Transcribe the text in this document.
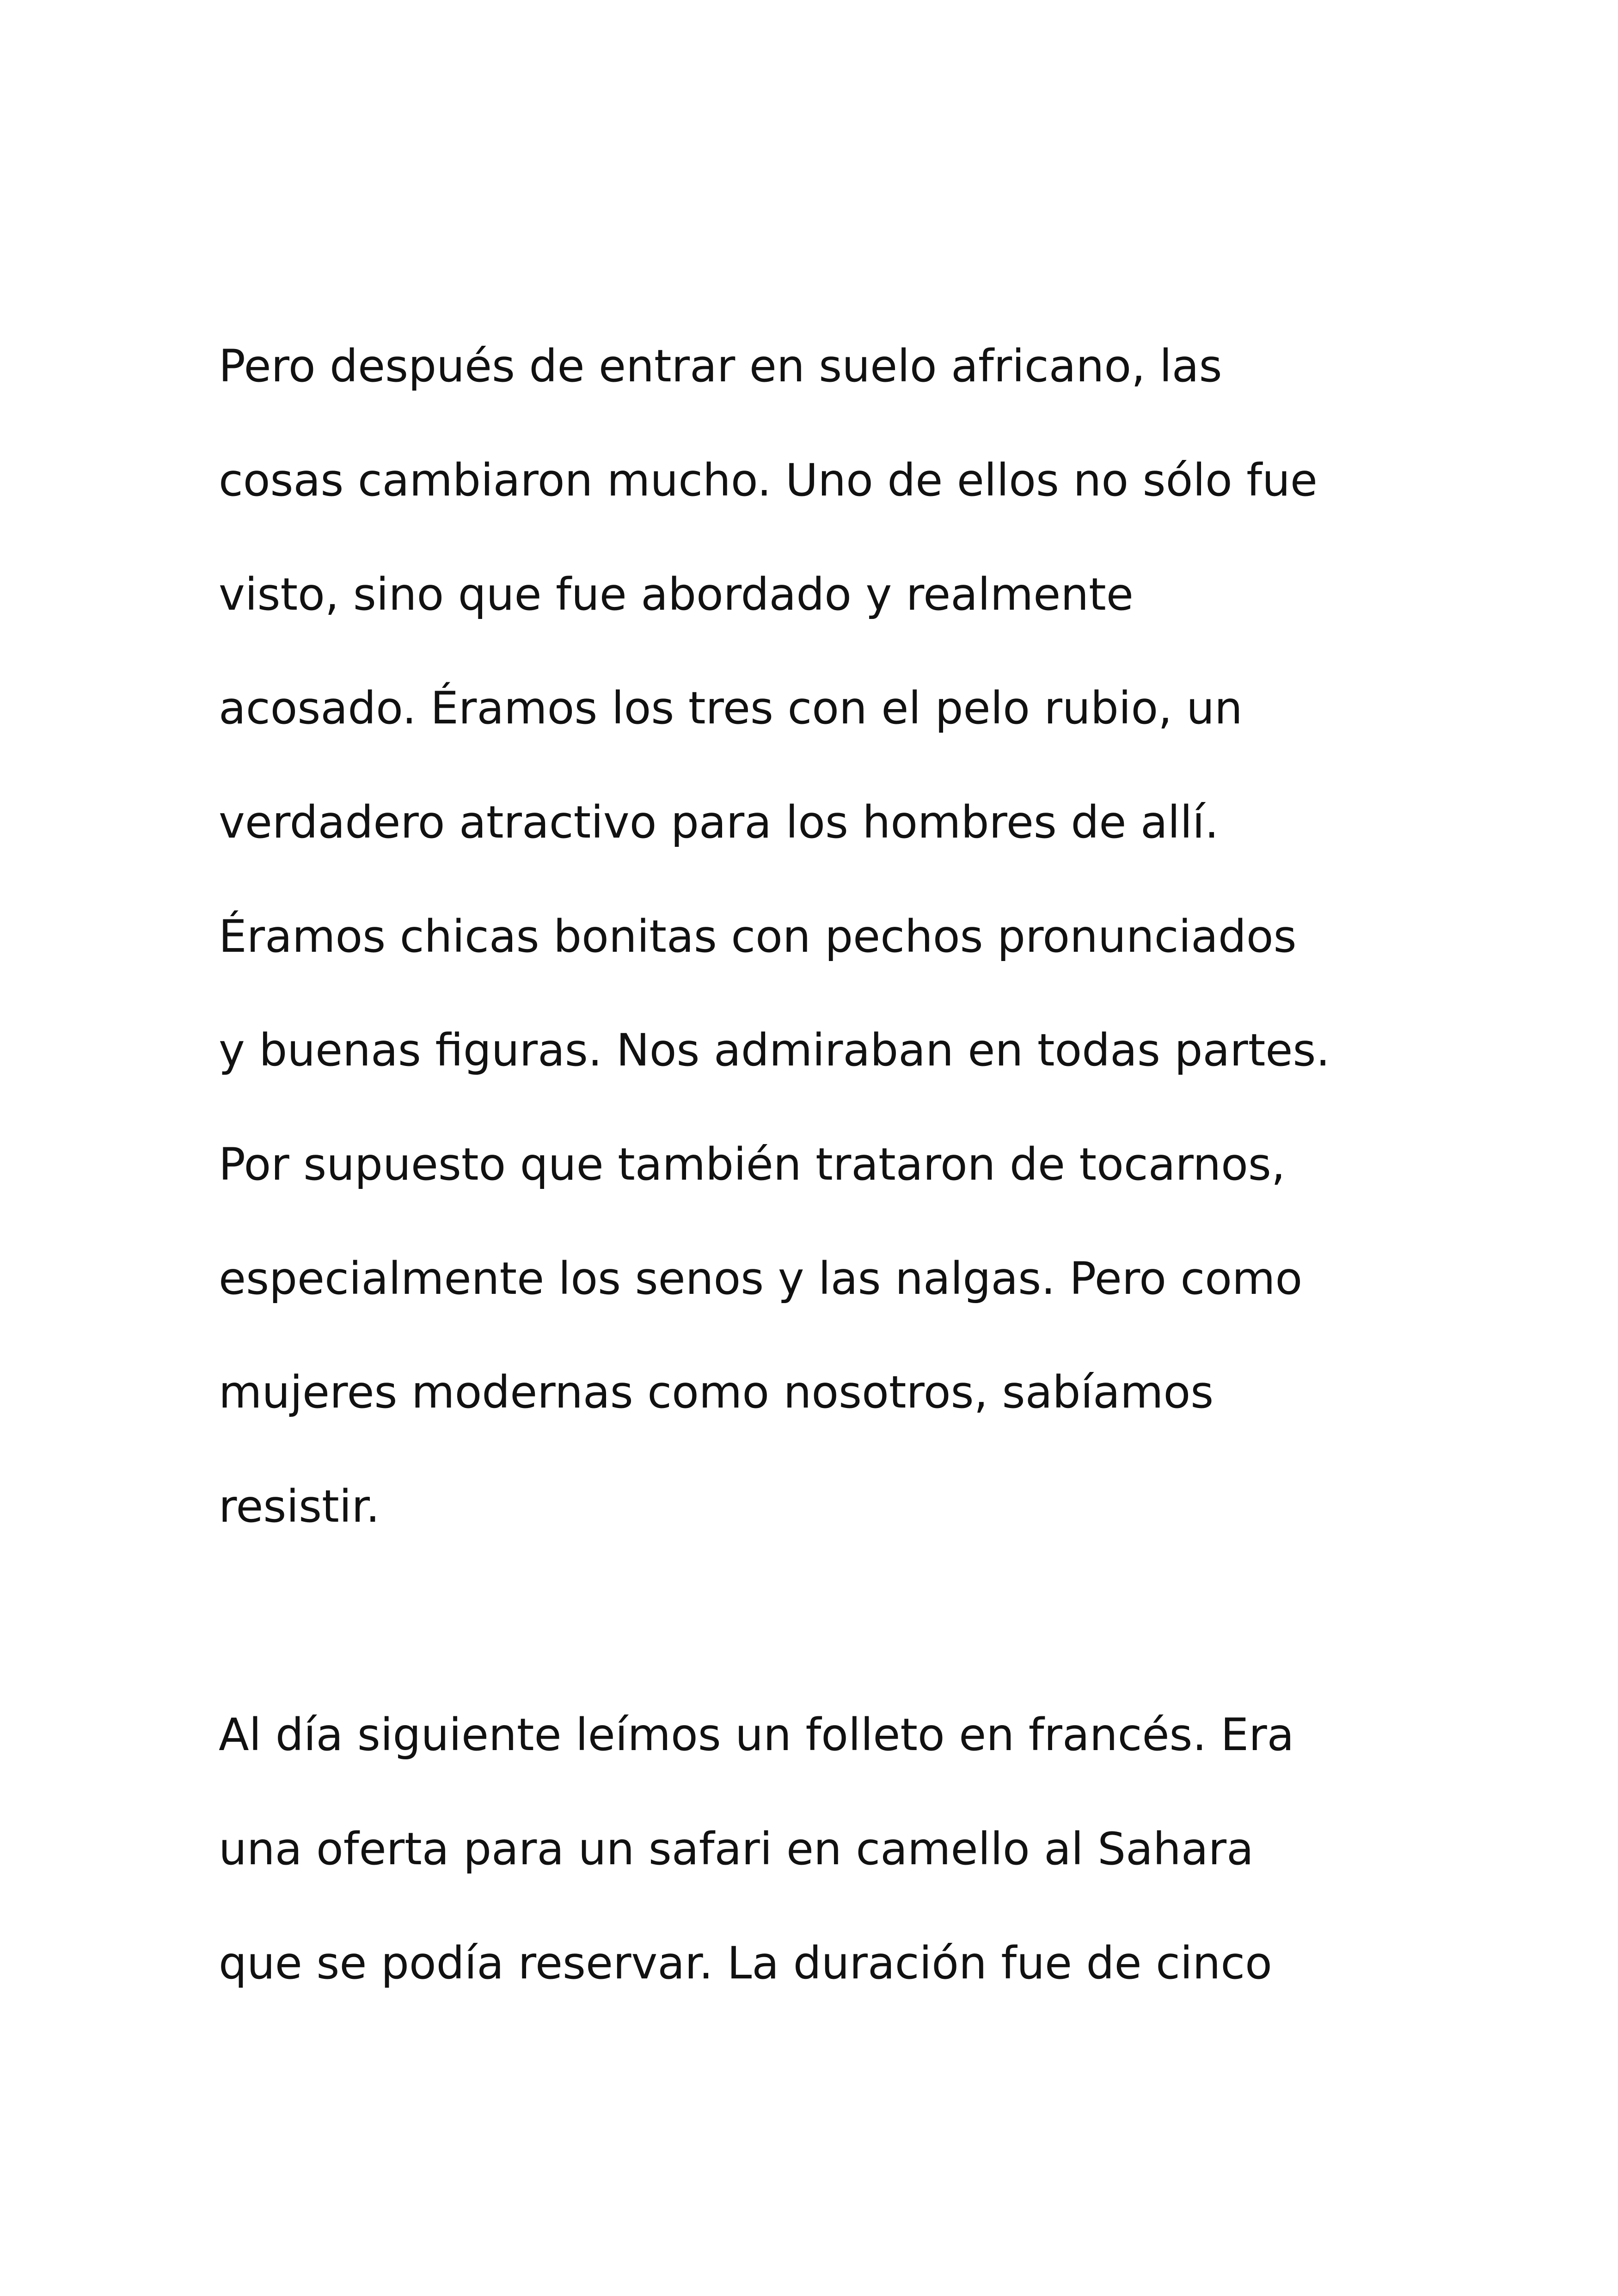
Pero después de entrar en suelo africano, las
cosas cambiaron mucho. Uno de ellos no sólo fue
visto, sino que fue abordado y realmente
acosado. Éramos los tres con el pelo rubio, un
verdadero atractivo para los hombres de allí.
Éramos chicas bonitas con pechos pronunciados
y buenas figuras. Nos admiraban en todas partes.
Por supuesto que también trataron de tocarnos,
especialmente los senos y las nalgas. Pero como
mujeres modernas como nosotros, sabíamos
resistir.
Al día siguiente leímos un folleto en francés. Era
una oferta para un safari en camello al Sahara
que se podía reservar. La duración fue de cinco
